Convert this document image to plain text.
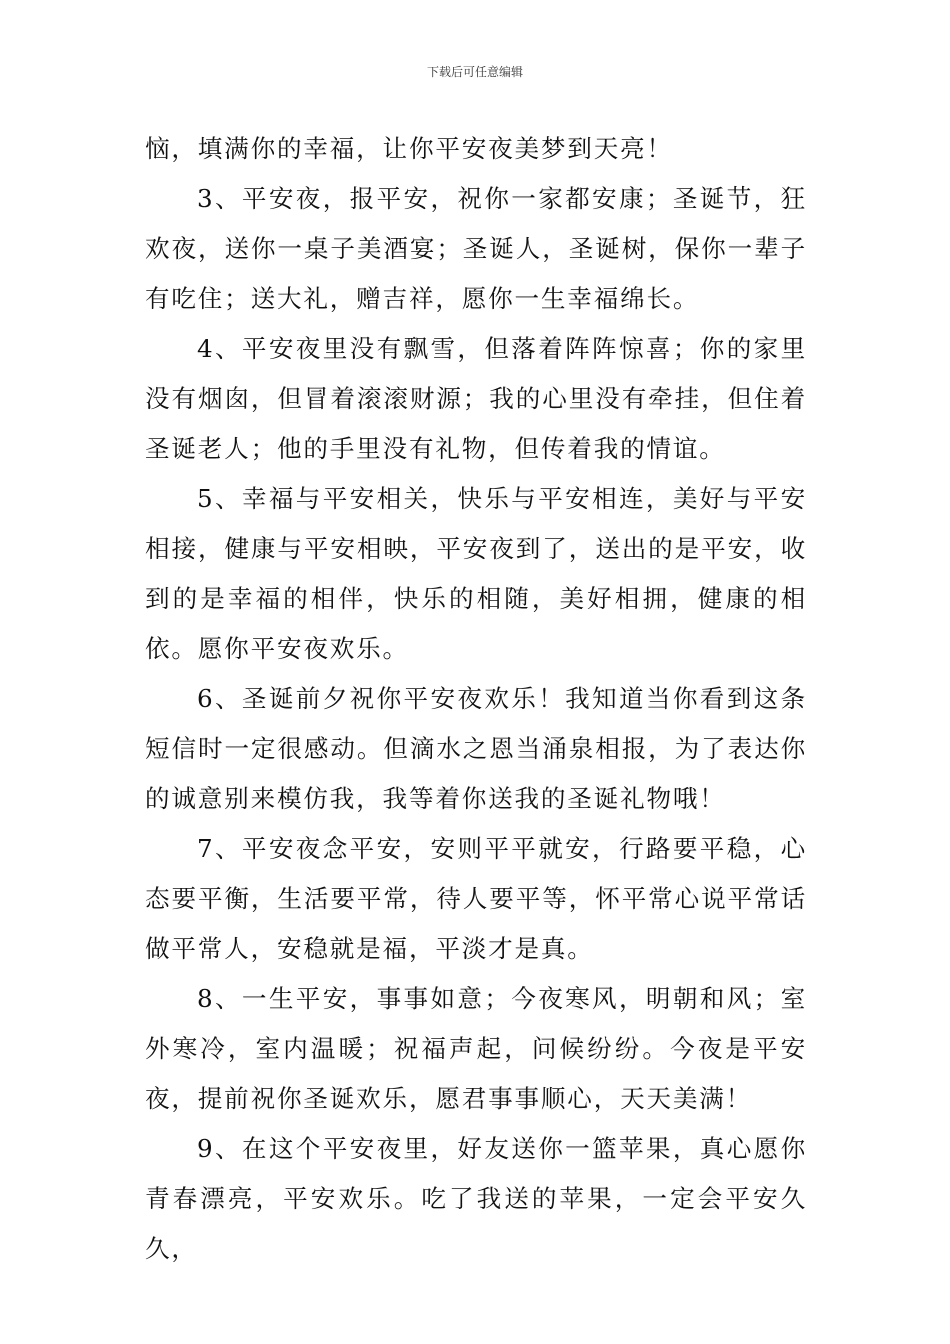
下载后可任意编辑

恼，填满你的幸福，让你平安夜美梦到天亮！

3、平安夜，报平安，祝你一家都安康；圣诞节，狂欢夜，送你一桌子美酒宴；圣诞人，圣诞树，保你一辈子有吃住；送大礼，赠吉祥，愿你一生幸福绵长。

4、平安夜里没有飘雪，但落着阵阵惊喜；你的家里没有烟囱，但冒着滚滚财源；我的心里没有牵挂，但住着圣诞老人；他的手里没有礼物，但传着我的情谊。

5、幸福与平安相关，快乐与平安相连，美好与平安相接，健康与平安相映，平安夜到了，送出的是平安，收到的是幸福的相伴，快乐的相随，美好相拥，健康的相依。愿你平安夜欢乐。

6、圣诞前夕祝你平安夜欢乐！我知道当你看到这条短信时一定很感动。但滴水之恩当涌泉相报，为了表达你的诚意别来模仿我，我等着你送我的圣诞礼物哦！

7、平安夜念平安，安则平平就安，行路要平稳，心态要平衡，生活要平常，待人要平等，怀平常心说平常话做平常人，安稳就是福，平淡才是真。

8、一生平安，事事如意；今夜寒风，明朝和风；室外寒冷，室内温暖；祝福声起，问候纷纷。今夜是平安夜，提前祝你圣诞欢乐，愿君事事顺心，天天美满！

9、在这个平安夜里，好友送你一篮苹果，真心愿你青春漂亮，平安欢乐。吃了我送的苹果，一定会平安久久，
